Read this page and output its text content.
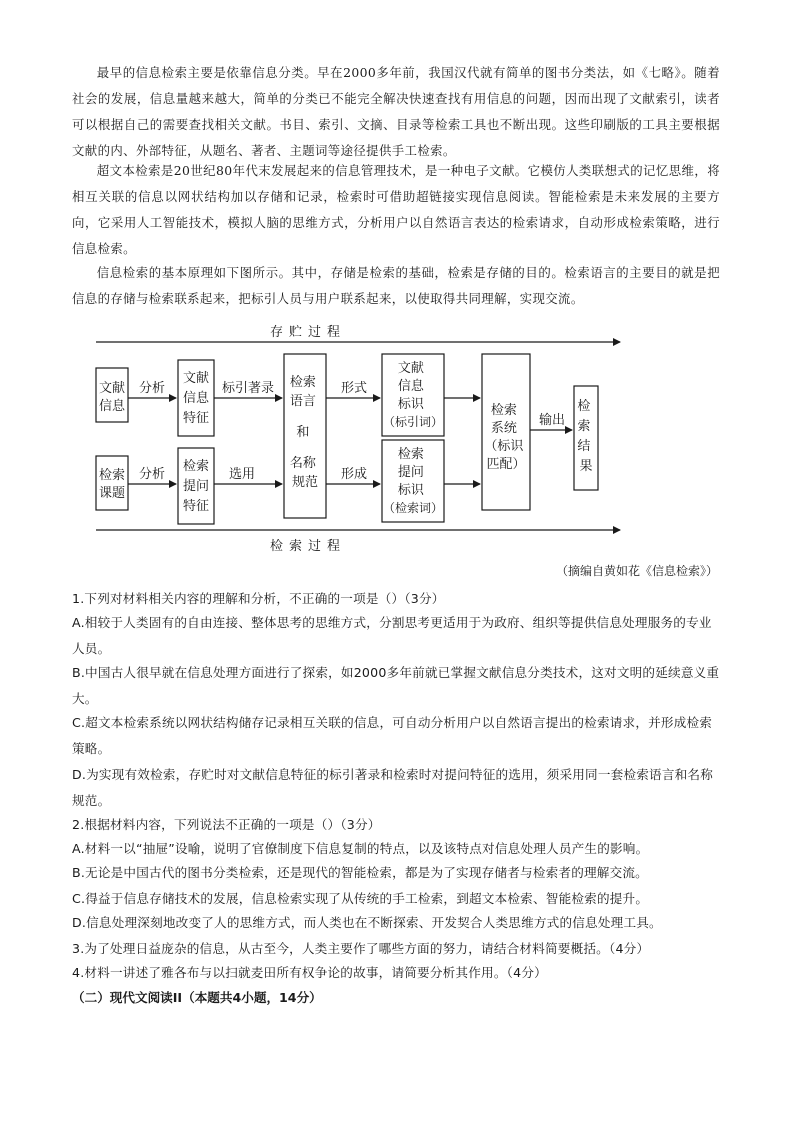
最早的信息检索主要是依靠信息分类。早在2000多年前，我国汉代就有简单的图书分类法，如《七略》。随着社会的发展，信息量越来越大，简单的分类已不能完全解决快速查找有用信息的问题，因而出现了文献索引，读者可以根据自己的需要查找相关文献。书目、索引、文摘、目录等检索工具也不断出现。这些印刷版的工具主要根据文献的内、外部特征，从题名、著者、主题词等途径提供手工检索。

超文本检索是20世纪80年代末发展起来的信息管理技术，是一种电子文献。它模仿人类联想式的记忆思维，将相互关联的信息以网状结构加以存储和记录，检索时可借助超链接实现信息阅读。智能检索是未来发展的主要方向，它采用人工智能技术，模拟人脑的思维方式，分析用户以自然语言表达的检索请求，自动形成检索策略，进行信息检索。

信息检索的基本原理如下图所示。其中，存储是检索的基础，检索是存储的目的。检索语言的主要目的就是把信息的存储与检索联系起来，把标引人员与用户联系起来，以使取得共同理解，实现交流。

存贮过程
检索过程
文献信息
文献信息特征
分析	标引著录 检索 语言 和 名称 规范
形式
文献 信息 标识 （标引词）
检索课题
检索提问特征
分析	选用	形成
检索 提问 标识 （检索词）
检索 系统 （标识 匹配）
输出
检 索 结 果

（摘编自黄如花《信息检索》）

1.下列对材料相关内容的理解和分析，不正确的一项是（）（3分）

A.相较于人类固有的自由连接、整体思考的思维方式，分割思考更适用于为政府、组织等提供信息处理服务的专业人员。

B.中国古人很早就在信息处理方面进行了探索，如2000多年前就已掌握文献信息分类技术，这对文明的延续意义重大。

C.超文本检索系统以网状结构储存记录相互关联的信息，可自动分析用户以自然语言提出的检索请求，并形成检索策略。

D.为实现有效检索，存贮时对文献信息特征的标引著录和检索时对提问特征的选用，须采用同一套检索语言和名称规范。

2.根据材料内容，下列说法不正确的一项是（）（3分）

A.材料一以“抽屉”设喻，说明了官僚制度下信息复制的特点，以及该特点对信息处理人员产生的影响。

B.无论是中国古代的图书分类检索，还是现代的智能检索，都是为了实现存储者与检索者的理解交流。

C.得益于信息存储技术的发展，信息检索实现了从传统的手工检索，到超文本检索、智能检索的提升。

D.信息处理深刻地改变了人的思维方式，而人类也在不断探索、开发契合人类思维方式的信息处理工具。

3.为了处理日益庞杂的信息，从古至今，人类主要作了哪些方面的努力，请结合材料简要概括。（4分）

4.材料一讲述了雅各布与以扫就麦田所有权争论的故事，请简要分析其作用。（4分）

（二）现代文阅读II（本题共4小题，14分）
